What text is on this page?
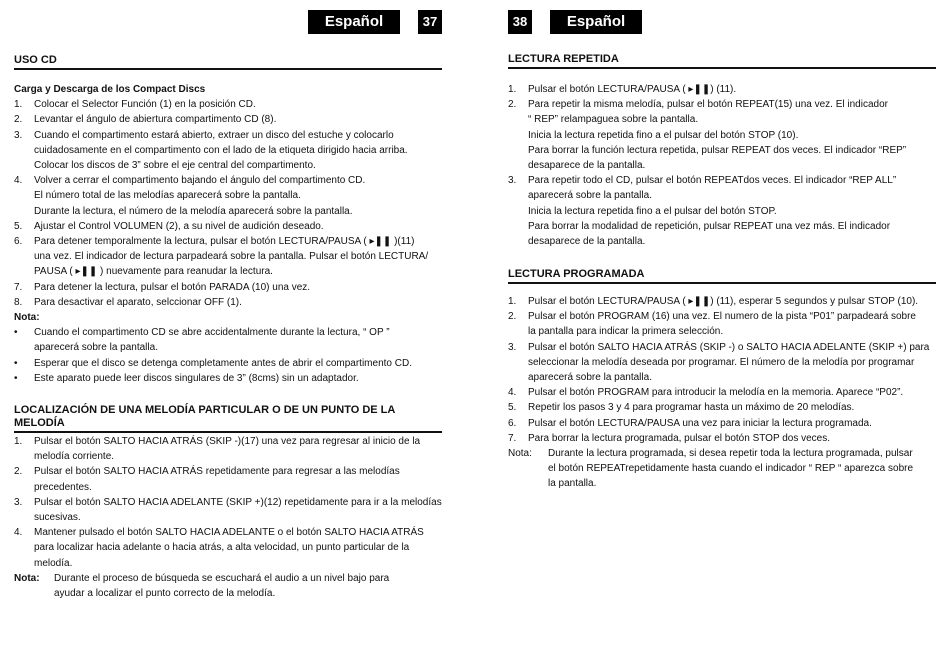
Español	37
USO CD

Carga y Descarga de los Compact Discs

1. Colocar el Selector Función (1) en la posición CD.
2. Levantar el ángulo de abiertura compartimento CD (8).
3. Cuando el compartimento estará abierto, extraer un disco del estuche y colocarlo
cuidadosamente en el compartimento con el lado de la etiqueta dirigido hacia arriba.
Colocar los discos de 3” sobre el eje central del compartimento.
4. Volver a cerrar el compartimento bajando el ángulo del compartimento CD.
El número total de las melodías aparecerá sobre la pantalla.
Durante la lectura, el número de la melodía aparecerá sobre la pantalla.
5. Ajustar el Control VOLUMEN (2), a su nivel de audición deseado.
6. Para detener temporalmente la lectura, pulsar el botón LECTURA/PAUSA ( ▸❚❚ )(11)
una vez. El indicador de lectura parpadeará sobre la pantalla. Pulsar el botón LECTURA/
PAUSA ( ▸❚❚ ) nuevamente para reanudar la lectura.
7. Para detener la lectura, pulsar el botón PARADA (10) una vez.
8. Para desactivar el aparato, selccionar OFF (1).

Nota:

• Cuando el compartimento CD se abre accidentalmente durante la lectura, “ OP ”
aparecerá sobre la pantalla.
• Esperar que el disco se detenga completamente antes de abrir el compartimento CD.
• Este aparato puede leer discos singulares de 3” (8cms) sin un adaptador.
LOCALIZACIÓN DE UNA MELODÍA PARTICULAR O DE UN PUNTO DE LA MELODÍA
1. Pulsar el botón SALTO HACIA ATRÁS (SKIP -)(17) una vez para regresar al inicio de la
melodía corriente.
2. Pulsar el botón SALTO HACIA ATRÁS repetidamente para regresar a las melodías
precedentes.
3. Pulsar el botón SALTO HACIA ADELANTE (SKIP +)(12) repetidamente para ir a la melodías
sucesivas.
4. Mantener pulsado el botón SALTO HACIA ADELANTE o el botón SALTO HACIA ATRÁS
para localizar hacia adelante o hacia atrás, a alta velocidad, un punto particular de la
melodía.
Nota: Durante el proceso de búsqueda se escuchará el audio a un nivel bajo para
ayudar a localizar el punto correcto de la melodía.
38	Español
LECTURA REPETIDA
1. Pulsar el botón LECTURA/PAUSA ( ▸❚❚) (11).
2. Para repetir la misma melodía, pulsar el botón REPEAT(15) una vez. El indicador
“ REP” relampaguea sobre la pantalla.
Inicia la lectura repetida fino a el pulsar del botón STOP (10).
Para borrar la función lectura repetida, pulsar REPEAT dos veces. El indicador “REP”
desaparece de la pantalla.
3. Para repetir todo el CD, pulsar el botón REPEATdos veces. El indicador “REP ALL”
aparecerá sobre la pantalla.
Inicia la lectura repetida fino a el pulsar del botón STOP.
Para borrar la modalidad de repetición, pulsar REPEAT una vez más. El indicador
desaparece de la pantalla.
LECTURA PROGRAMADA
1. Pulsar el botón LECTURA/PAUSA ( ▸❚❚) (11), esperar 5 segundos y pulsar STOP (10).
2. Pulsar el botón PROGRAM (16) una vez. El numero de la pista “P01” parpadeará sobre
la pantalla para indicar la primera selección.
3. Pulsar el botón SALTO HACIA ATRÁS (SKIP -) o SALTO HACIA ADELANTE (SKIP +) para
seleccionar la melodía deseada por programar. El número de la melodía por programar
aparecerá sobre la pantalla.
4. Pulsar el botón PROGRAM para introducir la melodía en la memoria. Aparece “P02”.
5. Repetir los pasos 3 y 4 para programar hasta un máximo de 20 melodías.
6. Pulsar el botón LECTURA/PAUSA una vez para iniciar la lectura programada.
7. Para borrar la lectura programada, pulsar el botón STOP dos veces.
Nota: Durante la lectura programada, si desea repetir toda la lectura programada, pulsar
el botón REPEATrepetidamente hasta cuando el indicador “ REP “ aparezca sobre
la pantalla.
